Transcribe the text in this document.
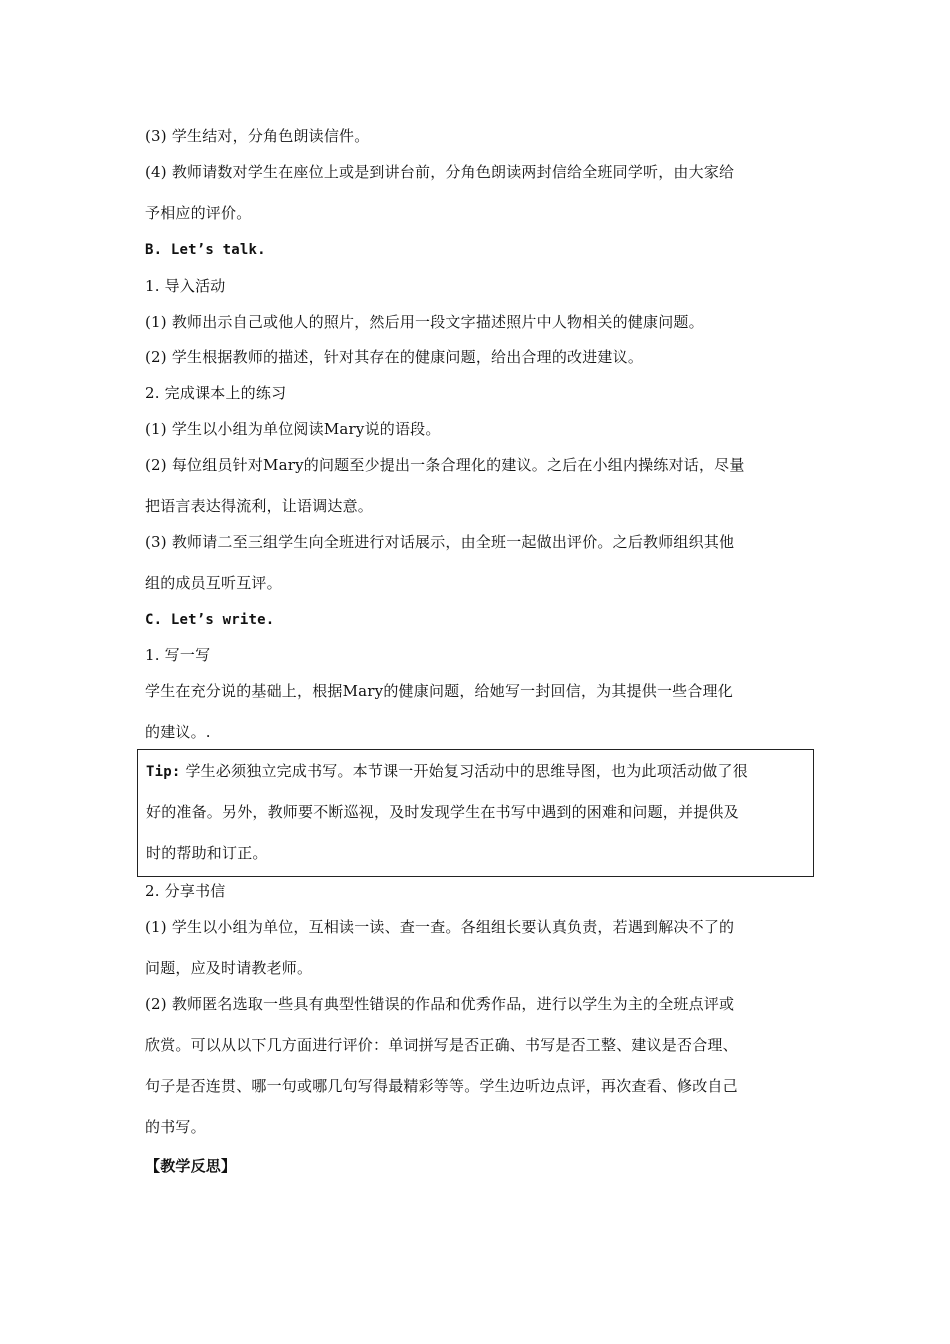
(3) 学生结对，分角色朗读信件。
(4) 教师请数对学生在座位上或是到讲台前，分角色朗读两封信给全班同学听，由大家给
予相应的评价。
B. Let’s talk.
1. 导入活动
(1) 教师出示自己或他人的照片，然后用一段文字描述照片中人物相关的健康问题。
(2) 学生根据教师的描述，针对其存在的健康问题，给出合理的改进建议。
2. 完成课本上的练习
(1) 学生以小组为单位阅读Mary说的语段。
(2) 每位组员针对Mary的问题至少提出一条合理化的建议。之后在小组内操练对话，尽量
把语言表达得流利，让语调达意。
(3) 教师请二至三组学生向全班进行对话展示，由全班一起做出评价。之后教师组织其他
组的成员互听互评。
C. Let’s write.
1. 写一写
学生在充分说的基础上，根据Mary的健康问题，给她写一封回信，为其提供一些合理化
的建议。.
Tip: 学生必须独立完成书写。本节课一开始复习活动中的思维导图，也为此项活动做了很
好的准备。另外，教师要不断巡视，及时发现学生在书写中遇到的困难和问题，并提供及
时的帮助和订正。
2. 分享书信
(1) 学生以小组为单位，互相读一读、查一查。各组组长要认真负责，若遇到解决不了的
问题，应及时请教老师。
(2) 教师匿名选取一些具有典型性错误的作品和优秀作品，进行以学生为主的全班点评或
欣赏。可以从以下几方面进行评价：单词拼写是否正确、书写是否工整、建议是否合理、
句子是否连贯、哪一句或哪几句写得最精彩等等。学生边听边点评，再次查看、修改自己
的书写。
【教学反思】
